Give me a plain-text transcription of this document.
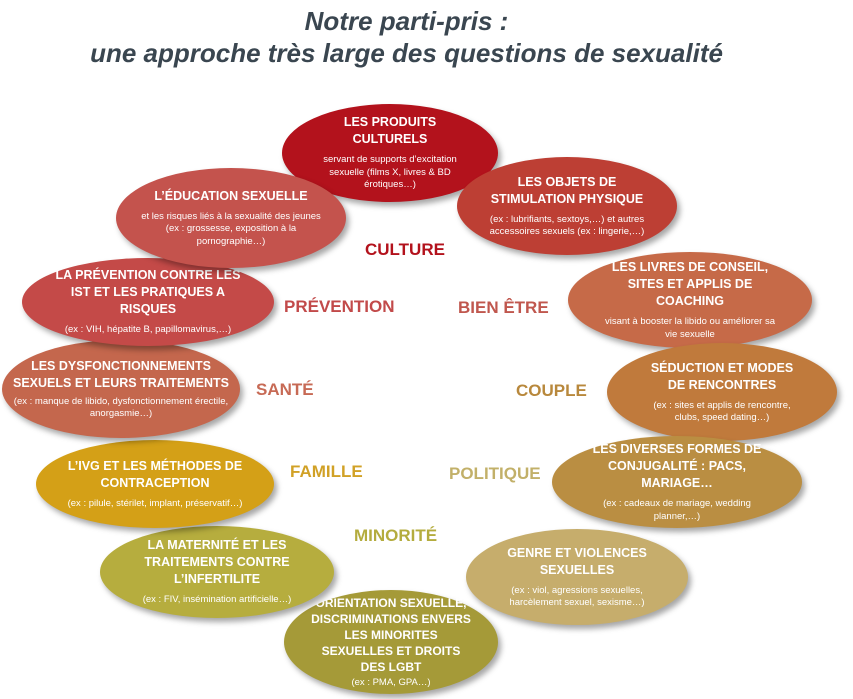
Notre parti-pris :
une approche très large des questions de sexualité
LES PRODUITS CULTURELS
servant de supports d’excitation sexuelle (films X, livres & BD érotiques…)	LES OBJETS DE STIMULATION PHYSIQUE
(ex : lubrifiants, sextoys,…) et autres accessoires sexuels (ex : lingerie,…)
LES LIVRES DE CONSEIL, SITES ET APPLIS DE COACHING
visant à booster la libido ou améliorer sa vie sexuelle
SÉDUCTION ET MODES DE RENCONTRES
(ex : sites et applis de rencontre, clubs, speed dating…)
LES DIVERSES FORMES DE CONJUGALITÉ : PACS, MARIAGE…
(ex : cadeaux de mariage, wedding planner,…)
GENRE ET VIOLENCES SEXUELLES
(ex : viol, agressions sexuelles, harcèlement sexuel, sexisme…)
ORIENTATION SEXUELLE, DISCRIMINATIONS ENVERS LES MINORITES SEXUELLES ET DROITS DES LGBT
(ex : PMA, GPA…)
LA MATERNITÉ ET LES TRAITEMENTS CONTRE L’INFERTILITE
(ex : FIV, insémination artificielle…)
L’IVG ET LES MÉTHODES DE CONTRACEPTION
(ex : pilule, stérilet, implant, préservatif…)
LES DYSFONCTIONNEMENTS SEXUELS ET LEURS TRAITEMENTS
(ex : manque de libido, dysfonctionnement érectile, anorgasmie…)
LA PRÉVENTION CONTRE LES IST ET LES PRATIQUES A RISQUES
(ex : VIH, hépatite B, papillomavirus,…)
L’ÉDUCATION SEXUELLE
et les risques liés à la sexualité des jeunes (ex : grossesse, exposition à la pornographie…)	CULTURE
PRÉVENTION
SANTÉ
FAMILLE
MINORITÉ
BIEN ÊTRE
COUPLE
POLITIQUE
